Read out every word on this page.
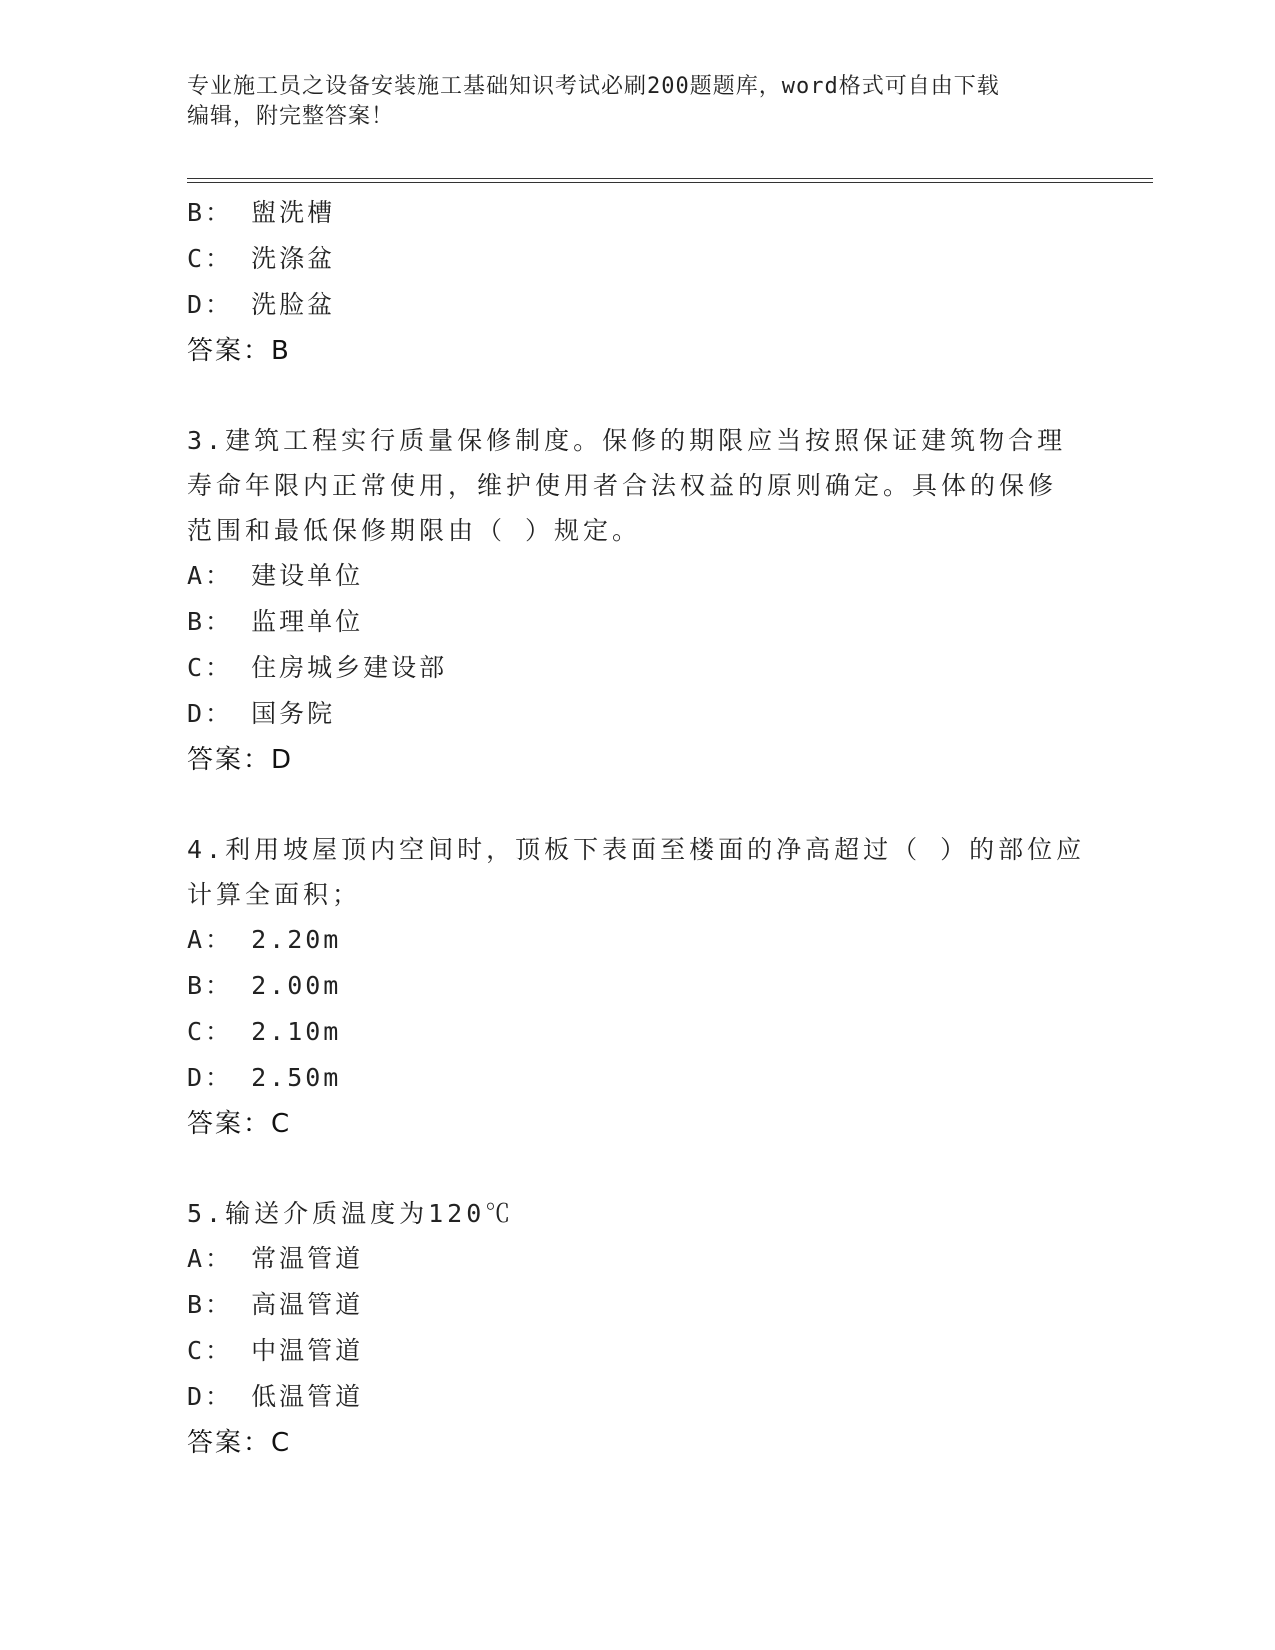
专业施工员之设备安装施工基础知识考试必刷200题题库，word格式可自由下载
编辑，附完整答案！
B： 盥洗槽
C： 洗涤盆
D： 洗脸盆
答案：B
3.建筑工程实行质量保修制度。保修的期限应当按照保证建筑物合理
寿命年限内正常使用，维护使用者合法权益的原则确定。具体的保修
范围和最低保修期限由（ ）规定。
A： 建设单位
B： 监理单位
C： 住房城乡建设部
D： 国务院
答案：D
4.利用坡屋顶内空间时，顶板下表面至楼面的净高超过（ ）的部位应
计算全面积；
A： 2.20m
B： 2.00m
C： 2.10m
D： 2.50m
答案：C
5.输送介质温度为120℃
A： 常温管道
B： 高温管道
C： 中温管道
D： 低温管道
答案：C
